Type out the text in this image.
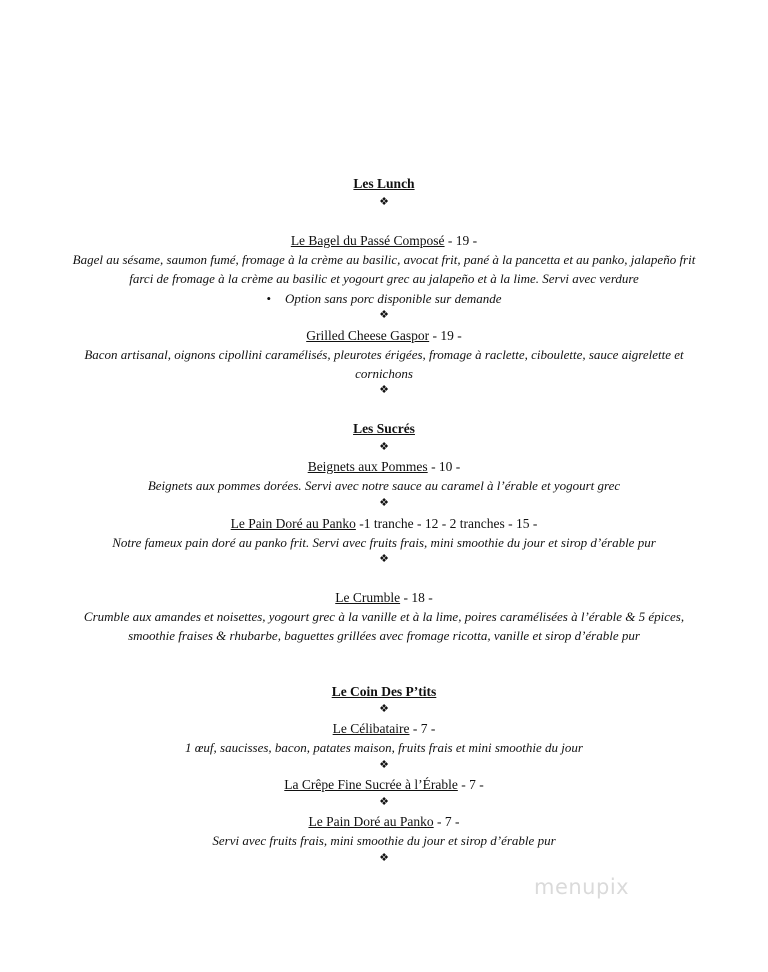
Les Lunch
❖
Le Bagel du Passé Composé - 19 -
Bagel au sésame, saumon fumé, fromage à la crème au basilic, avocat frit, pané à la pancetta et au panko, jalapeño frit
farci de fromage à la crème au basilic et yogourt grec au jalapeño et à la lime. Servi avec verdure
• Option sans porc disponible sur demande
❖
Grilled Cheese Gaspor - 19 -
Bacon artisanal, oignons cipollini caramélisés, pleurotes érigées, fromage à raclette, ciboulette, sauce aigrelette et
cornichons
❖
Les Sucrés
❖
Beignets aux Pommes - 10 -
Beignets aux pommes dorées. Servi avec notre sauce au caramel à l’érable et yogourt grec
❖
Le Pain Doré au Panko -1 tranche - 12 - 2 tranches - 15 -
Notre fameux pain doré au panko frit. Servi avec fruits frais, mini smoothie du jour et sirop d’érable pur
❖
Le Crumble - 18 -
Crumble aux amandes et noisettes, yogourt grec à la vanille et à la lime, poires caramélisées à l’érable & 5 épices,
smoothie fraises & rhubarbe, baguettes grillées avec fromage ricotta, vanille et sirop d’érable pur
Le Coin Des P’tits
❖
Le Célibataire - 7 -
1 œuf, saucisses, bacon, patates maison, fruits frais et mini smoothie du jour
❖
La Crêpe Fine Sucrée à l’Érable - 7 -
❖
Le Pain Doré au Panko - 7 -
Servi avec fruits frais, mini smoothie du jour et sirop d’érable pur
❖
menupix
